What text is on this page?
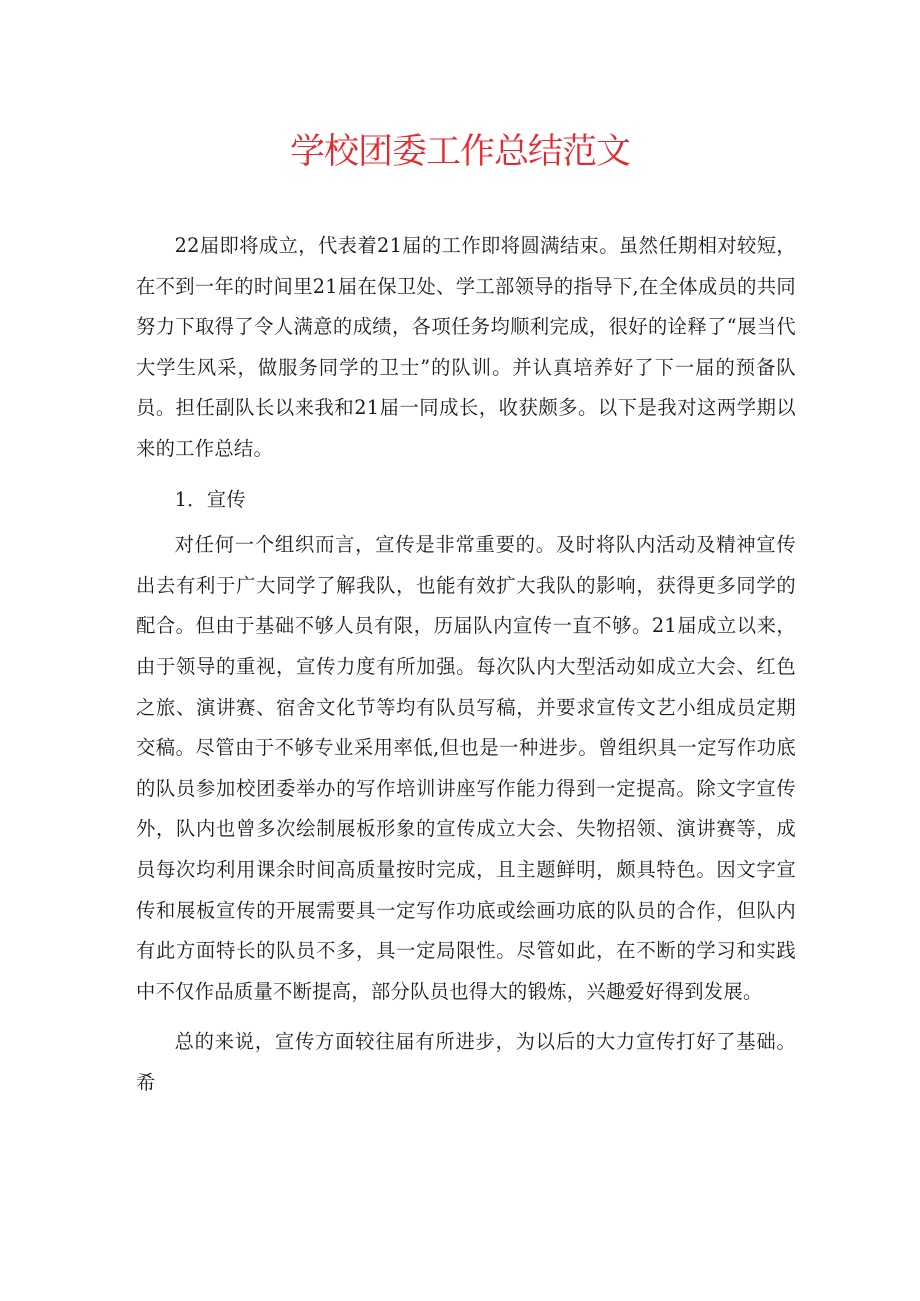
学校团委工作总结范文

22届即将成立，代表着21届的工作即将圆满结束。虽然任期相对较短，在不到一年的时间里21届在保卫处、学工部领导的指导下,在全体成员的共同努力下取得了令人满意的成绩，各项任务均顺利完成，很好的诠释了“展当代大学生风采，做服务同学的卫士”的队训。并认真培养好了下一届的预备队员。担任副队长以来我和21届一同成长，收获颇多。以下是我对这两学期以来的工作总结。

1．宣传

对任何一个组织而言，宣传是非常重要的。及时将队内活动及精神宣传出去有利于广大同学了解我队，也能有效扩大我队的影响，获得更多同学的配合。但由于基础不够人员有限，历届队内宣传一直不够。21届成立以来，由于领导的重视，宣传力度有所加强。每次队内大型活动如成立大会、红色之旅、演讲赛、宿舍文化节等均有队员写稿，并要求宣传文艺小组成员定期交稿。尽管由于不够专业采用率低,但也是一种进步。曾组织具一定写作功底的队员参加校团委举办的写作培训讲座写作能力得到一定提高。除文字宣传外，队内也曾多次绘制展板形象的宣传成立大会、失物招领、演讲赛等，成员每次均利用课余时间高质量按时完成，且主题鲜明，颇具特色。因文字宣传和展板宣传的开展需要具一定写作功底或绘画功底的队员的合作，但队内有此方面特长的队员不多，具一定局限性。尽管如此，在不断的学习和实践中不仅作品质量不断提高，部分队员也得大的锻炼，兴趣爱好得到发展。

总的来说，宣传方面较往届有所进步，为以后的大力宣传打好了基础。希
